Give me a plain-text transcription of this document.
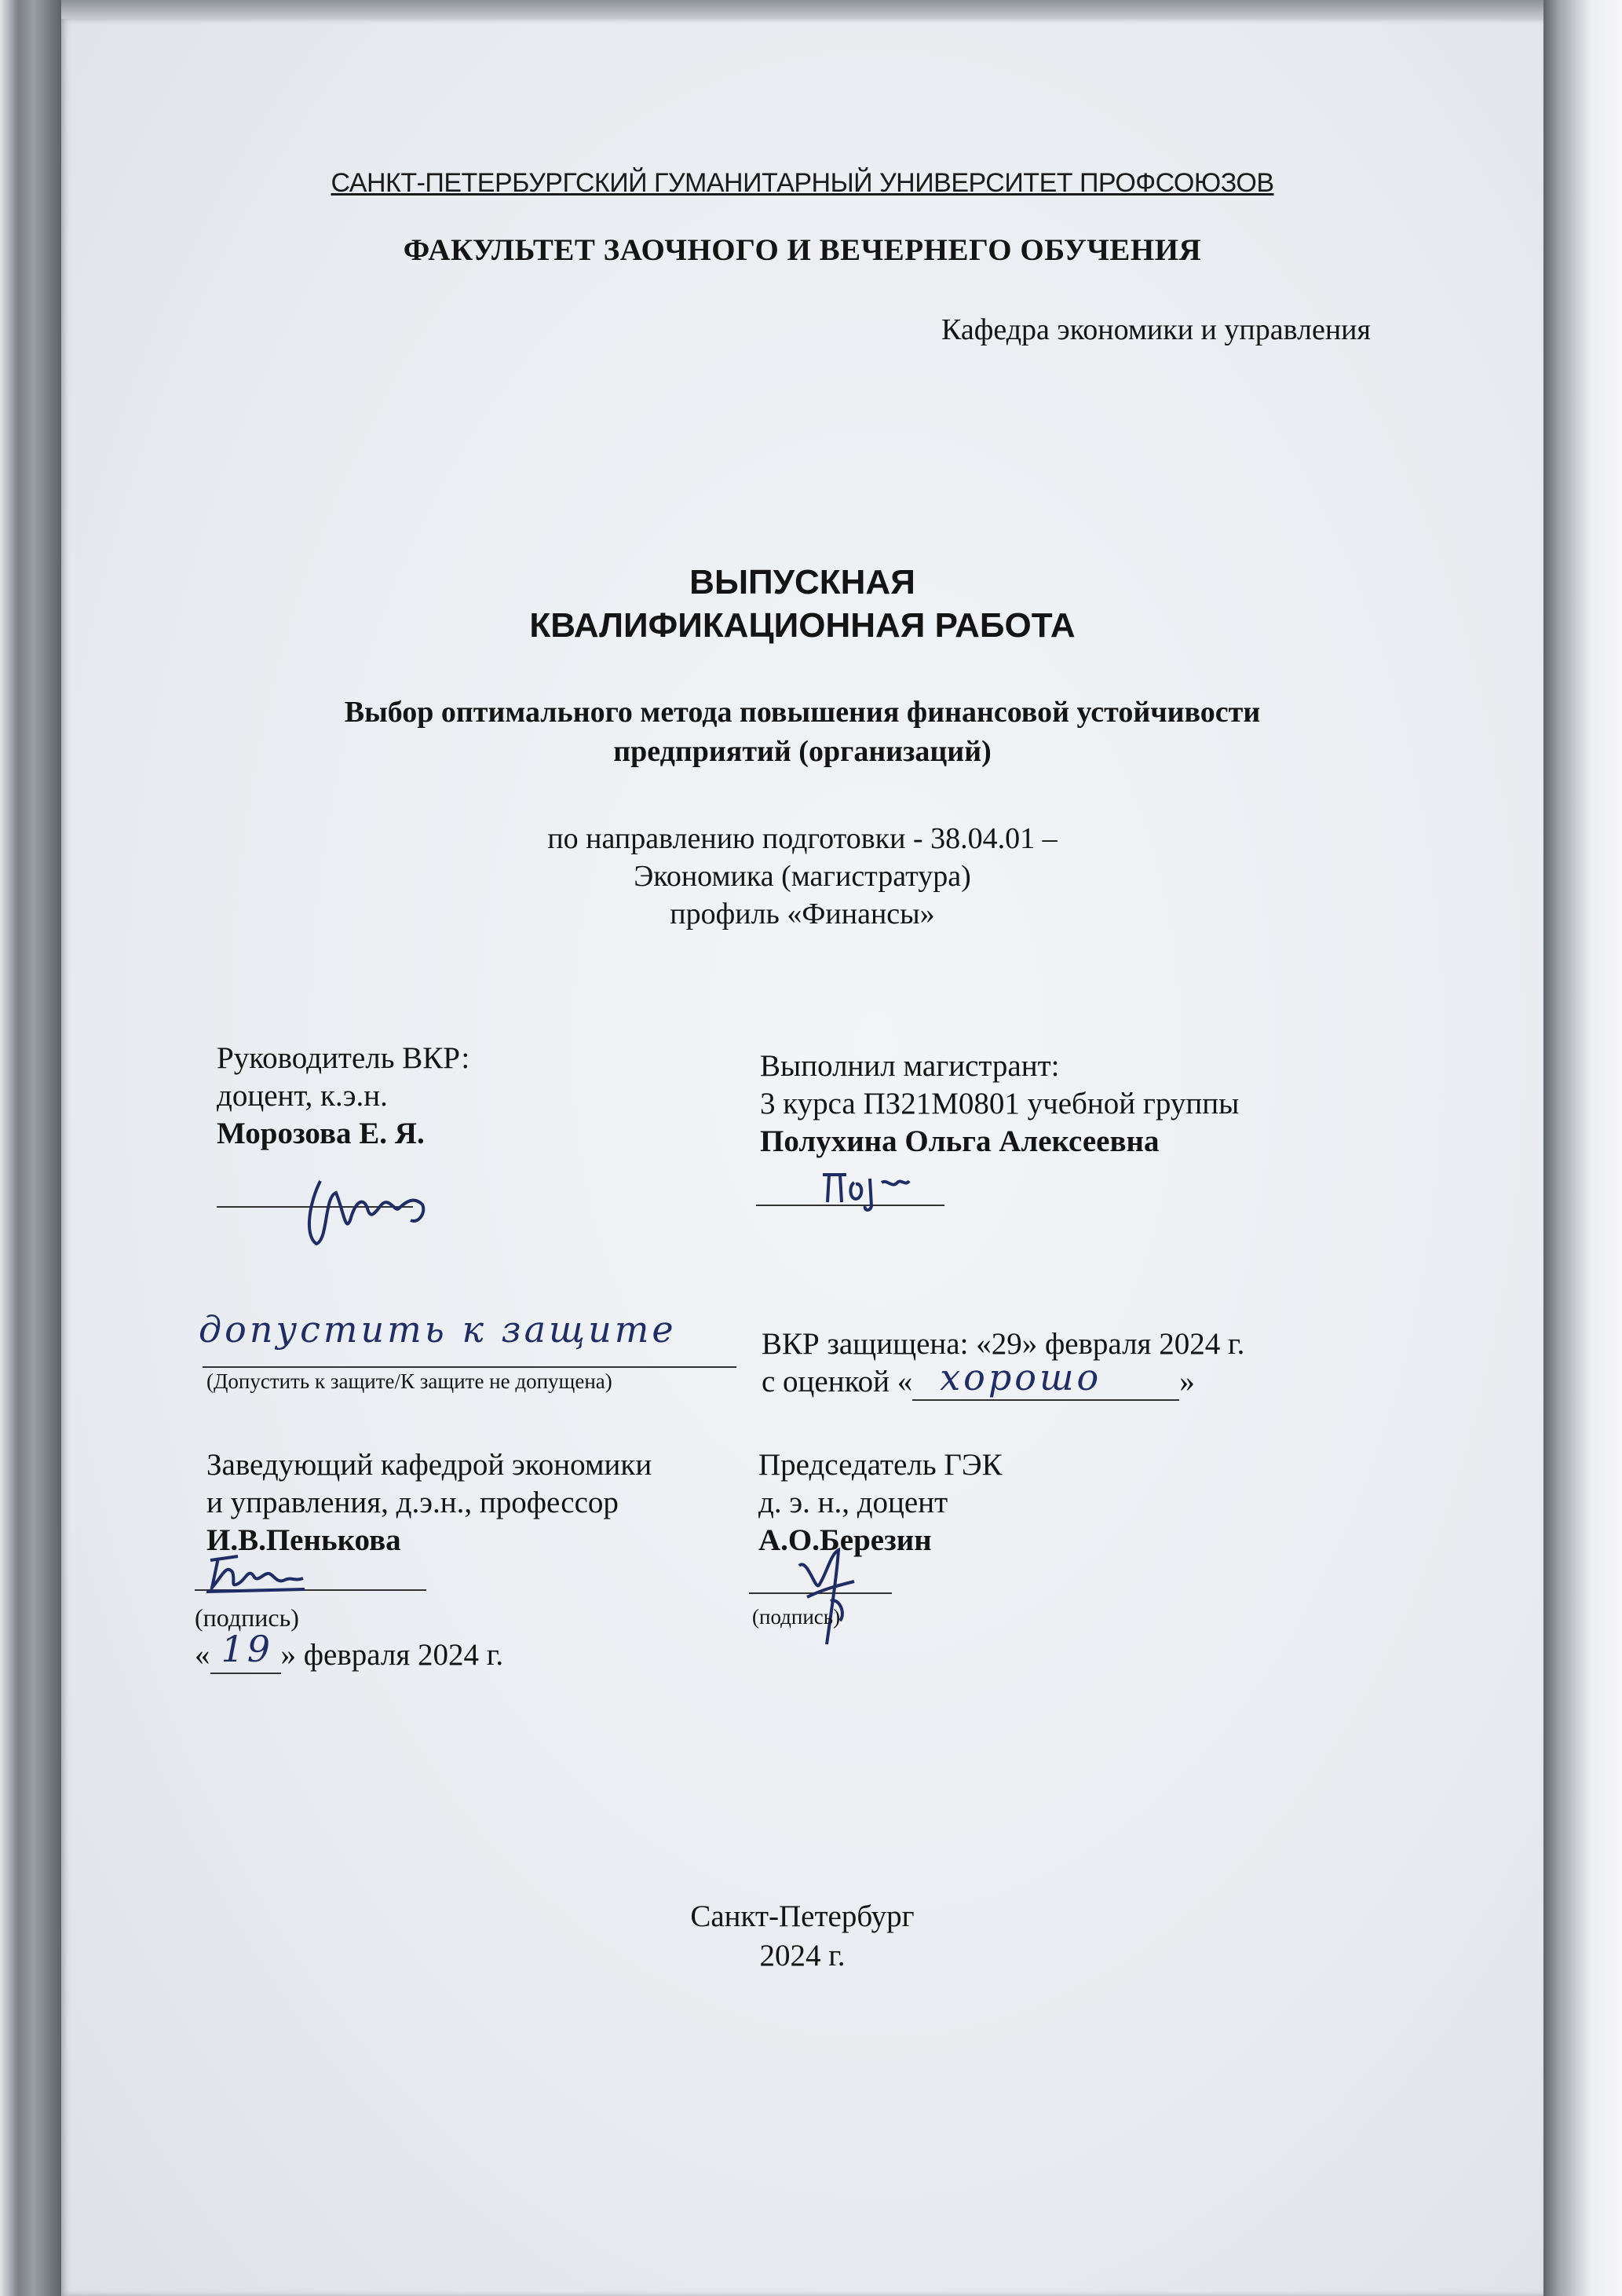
САНКТ-ПЕТЕРБУРГСКИЙ ГУМАНИТАРНЫЙ УНИВЕРСИТЕТ ПРОФСОЮЗОВ
ФАКУЛЬТЕТ ЗАОЧНОГО И ВЕЧЕРНЕГО ОБУЧЕНИЯ
Кафедра экономики и управления
ВЫПУСКНАЯ
КВАЛИФИКАЦИОННАЯ РАБОТА
Выбор оптимального метода повышения финансовой устойчивости
предприятий (организаций)
по направлению подготовки - 38.04.01 –
Экономика (магистратура)
профиль «Финансы»
Руководитель ВКР:
доцент, к.э.н.
Морозова Е. Я.
Выполнил магистрант:
3 курса ПЗ21М0801 учебной группы
Полухина Ольга Алексеевна
допустить к защите
(Допустить к защите/К защите не допущена)
ВКР защищена: «29» февраля 2024 г.
с оценкой « хорошо	»
Заведующий кафедрой экономики
и управления, д.э.н., профессор
И.В.Пенькова
(подпись)
« 19 » февраля 2024 г.
Председатель ГЭК
д. э. н., доцент
А.О.Березин
(подпись)
Санкт-Петербург
2024 г.
